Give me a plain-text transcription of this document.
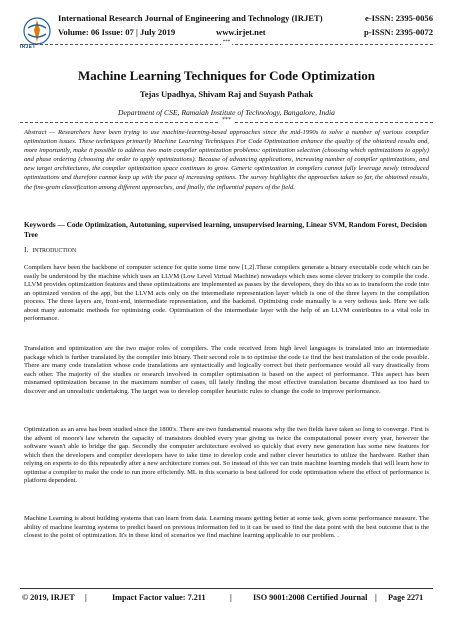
IRJET
International Research Journal of Engineering and Technology (IRJET)	e-ISSN: 2395-0056
Volume: 06 Issue: 07 | July 2019	www.irjet.net	p-ISSN: 2395-0072
***
Machine Learning Techniques for Code Optimization
Tejas Upadhya, Shivam Raj and Suyash Pathak
Department of CSE, Ramaiah Institute of Technology, Bangalore, India
***
Abstract — Researchers have been trying to use machine-learning-based approaches since the mid-1990s to solve a number of various compiler optimization issues. These techniques primarily Machine Learning Techniques For Code Optimization enhance the quality of the obtained results and, more importantly, make it possible to address two main compiler optimization problems: optimization selection (choosing which optimizations to apply) and phase ordering (choosing the order to apply optimizations). Because of advancing applications, increasing number of compiler optimizations, and new target architectures, the compiler optimization space continues to grow. Generic optimization in compilers cannot fully leverage newly introduced optimizations and therefore cannot keep up with the pace of increasing options. The survey highlights the approaches taken so far, the obtained results, the fine-grain classification among different approaches, and finally, the influential papers of the field.
Keywords — Code Optimization, Autotuning, supervised learning, unsupervised learning, Linear SVM, Random Forest, Decision Tree
I. INTRODUCTION
Compilers have been the backbone of computer science for quite some time now [1,2].These compilers generate a binary executable code which can be easily be understood by the machine which uses an LLVM (Low Level Virtual Machine) nowadays which uses some clever trickery to compile the code. LLVM provides optimizattion features and these optimizations are implemented as passes by the developers, they do this so as to transform the code into an optimized version of the app, but the LLVM acts only on the intermediate representation layer which is one of the three layers in the compilation process. The three layers are, front-end, intermediate representation, and the backend. Optimising code manually is a very tedious task. Here we talk about many automatic methods for optimising code. Optimisation of the intermediate layer with the help of an LLVM contributes to a vital role in performance.
Translation and optimization are the two major roles of compilers. The code received from high level languages is translated into an intermediate package which is further translated by the compiler into binary. Their second role is to optimise the code i.e find the best translation of the code possible. There are many code translation whose code translations are syntactically and logically correct but their performance would all vary drastically from each other. The majority of the studies or research involved in compiler optimisation is based on the aspect of performance. This aspect has been misnamed optimization because in the maximum number of cases, till lately finding the most effective translation became dismissed as too hard to discover and an unrealistic undertaking. The target was to develop compiler heuristic rules to change the code to improve performance.
Optimization as an area has been studied since the 1800's. There are two fundamental reasons why the two fields have taken so long to converge. First is the advent of moore's law wherein the capacity of transistors doubled every year giving us twice the computational power every year, however the software wasn't able to bridge the gap. Secondly the computer architecture evolved so quickly that every new generation has some new features for which then the developers and compiler developers have to take time to develop code and rather clever heuristics to utilize the hardware. Rather than relying on experts to do this repeatedly after a new architecture comes out. So instead of this we can train machine learning models that will learn how to optimise a compiler to make the code to run more efficiently. ML in this scenario is best tailored for code optimisation where the effect of performance is platform dependent.
Machine Learning is about building systems that can learn from data. Learning means getting better at some task, given some performance measure. The ability of machine learning systems to predict based on previous information fed to it can be used to find the data point with the best outcome that is the closest to the point of optimization. It's in these kind of scenarios we find machine learning applicable to our problem. .
© 2019, IRJET |	Impact Factor value: 7.211	|	ISO 9001:2008 Certified Journal | Page 2271
